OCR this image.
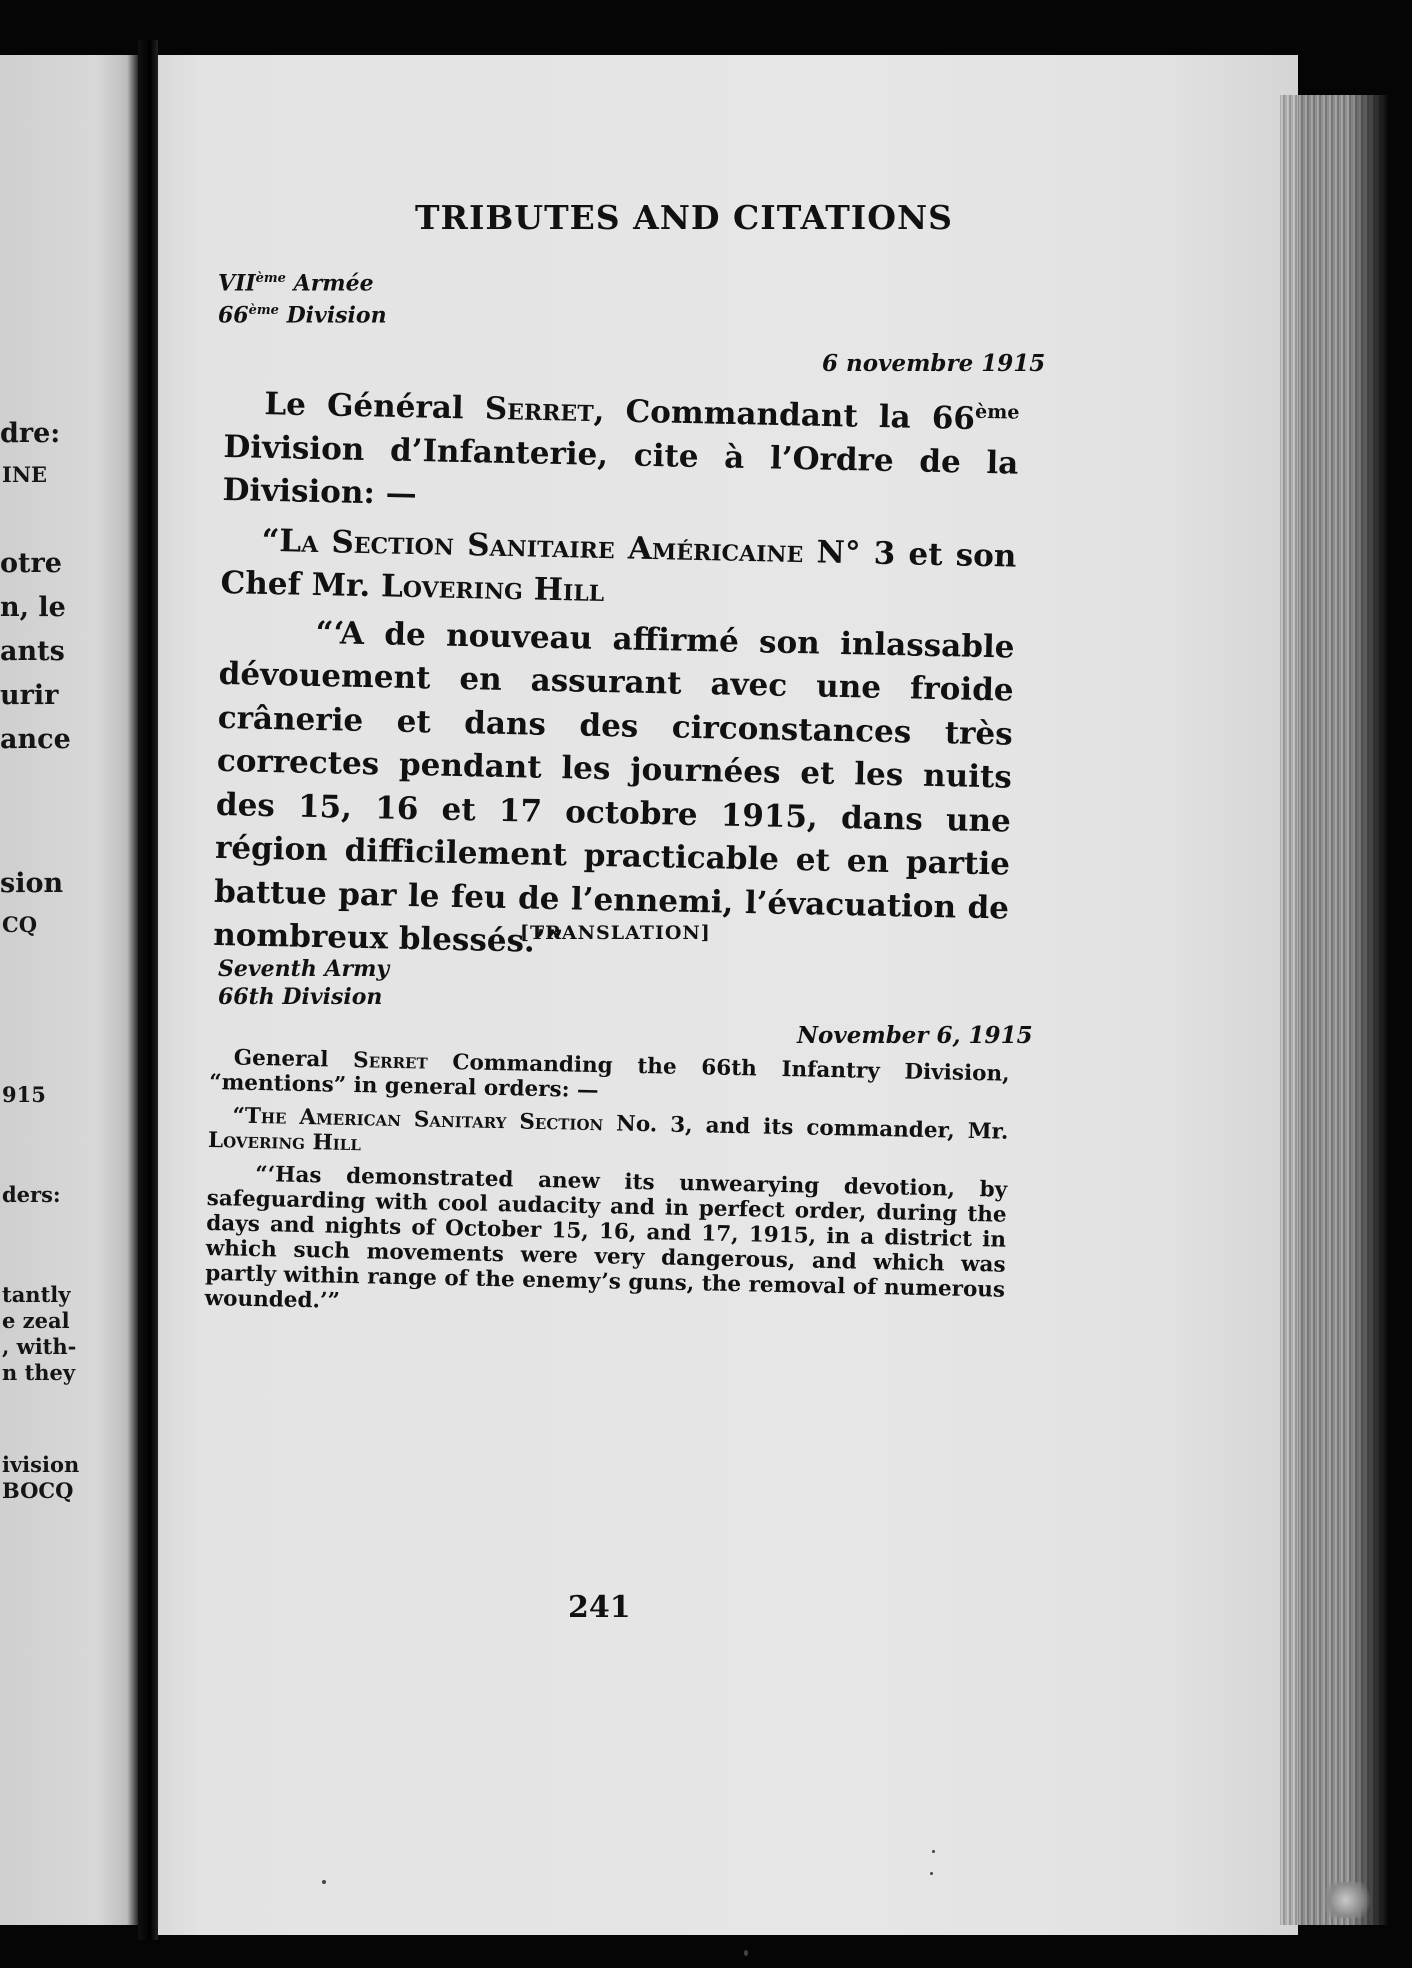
dre:
INE
otre
n, le
ants
urir
ance
sion
CQ
915
ders:
tantly
e zeal
, with-
n they
ivision
BOCQ
TRIBUTES AND CITATIONS
VIIème Armée
66ème Division
6 novembre 1915

Le Général Serret, Commandant la 66ème Division d’Infanterie, cite à l’Ordre de la Division: —

“La Section Sanitaire Américaine N° 3 et son Chef Mr. Lovering Hill

“‘A de nouveau affirmé son inlassable dévouement en assurant avec une froide crânerie et dans des circonstances très correctes pendant les journées et les nuits des 15, 16 et 17 octobre 1915, dans une région difficilement practicable et en partie battue par le feu de l’ennemi, l’évacuation de nombreux blessés.’”

[TRANSLATION]
Seventh Army
66th Division
November 6, 1915

General Serret Commanding the 66th Infantry Division, “mentions” in general orders: —

“The American Sanitary Section No. 3, and its commander, Mr. Lovering Hill

“‘Has demonstrated anew its unwearying devotion, by safeguarding with cool audacity and in perfect order, during the days and nights of October 15, 16, and 17, 1915, in a district in which such movements were very dangerous, and which was partly within range of the enemy’s guns, the removal of numerous wounded.’”

241
